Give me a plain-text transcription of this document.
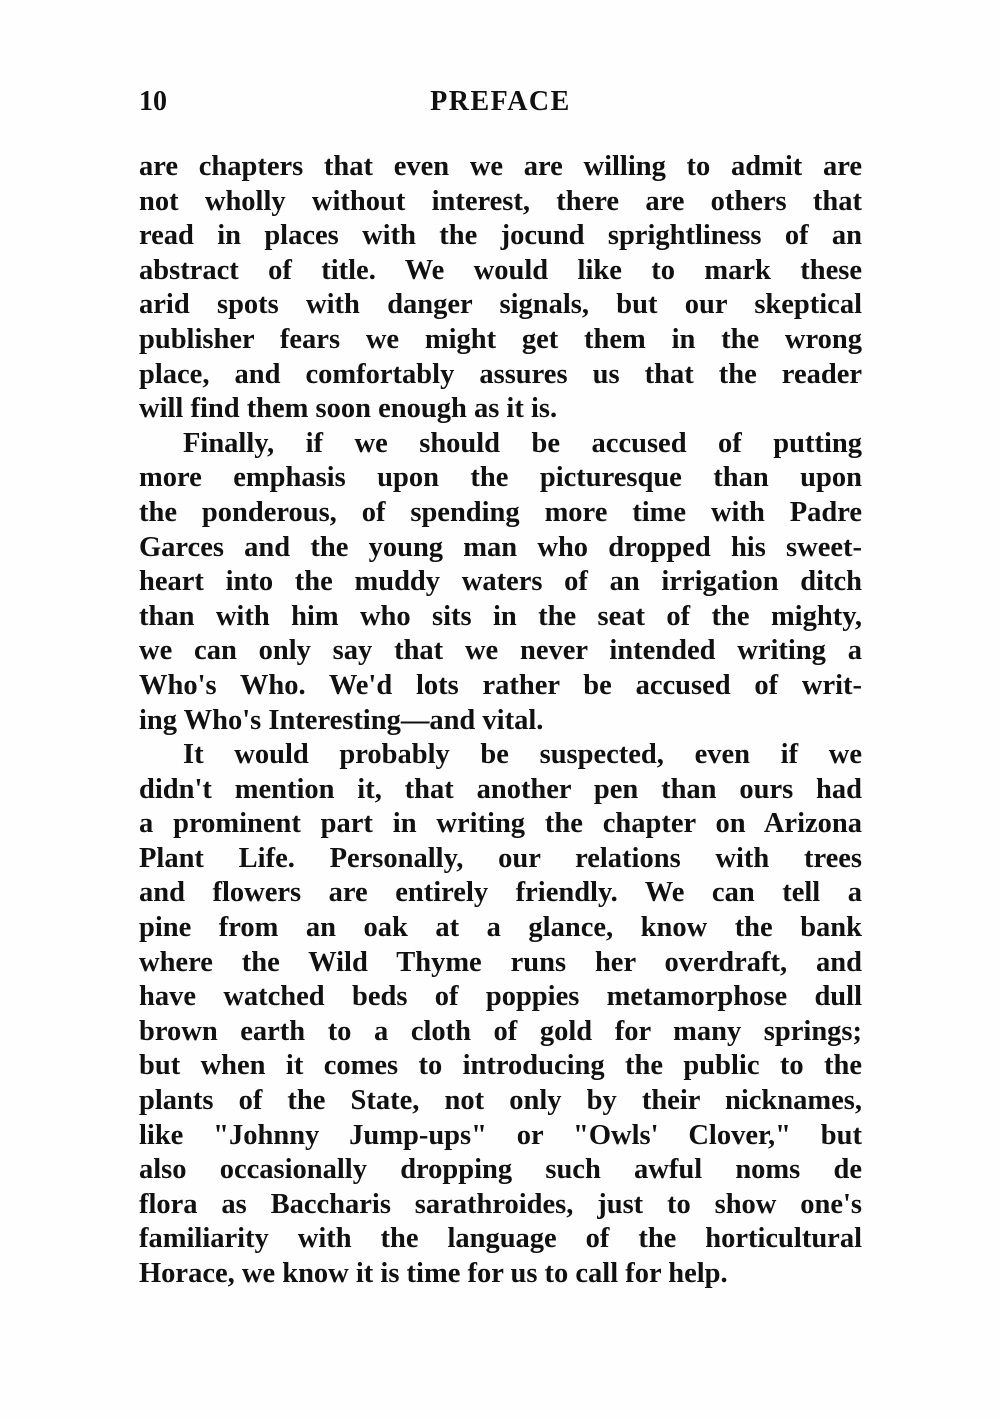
10	PREFACE
are chapters that even we are willing to admit are
not wholly without interest, there are others that
read in places with the jocund sprightliness of an
abstract of title. We would like to mark these
arid spots with danger signals, but our skeptical
publisher fears we might get them in the wrong
place, and comfortably assures us that the reader
will find them soon enough as it is.
Finally, if we should be accused of putting
more emphasis upon the picturesque than upon
the ponderous, of spending more time with Padre
Garces and the young man who dropped his sweet-
heart into the muddy waters of an irrigation ditch
than with him who sits in the seat of the mighty,
we can only say that we never intended writing a
Who's Who. We'd lots rather be accused of writ-
ing Who's Interesting—and vital.
It would probably be suspected, even if we
didn't mention it, that another pen than ours had
a prominent part in writing the chapter on Arizona
Plant Life. Personally, our relations with trees
and flowers are entirely friendly. We can tell a
pine from an oak at a glance, know the bank
where the Wild Thyme runs her overdraft, and
have watched beds of poppies metamorphose dull
brown earth to a cloth of gold for many springs;
but when it comes to introducing the public to the
plants of the State, not only by their nicknames,
like "Johnny Jump-ups" or "Owls' Clover," but
also occasionally dropping such awful noms de
flora as Baccharis sarathroides, just to show one's
familiarity with the language of the horticultural
Horace, we know it is time for us to call for help.
